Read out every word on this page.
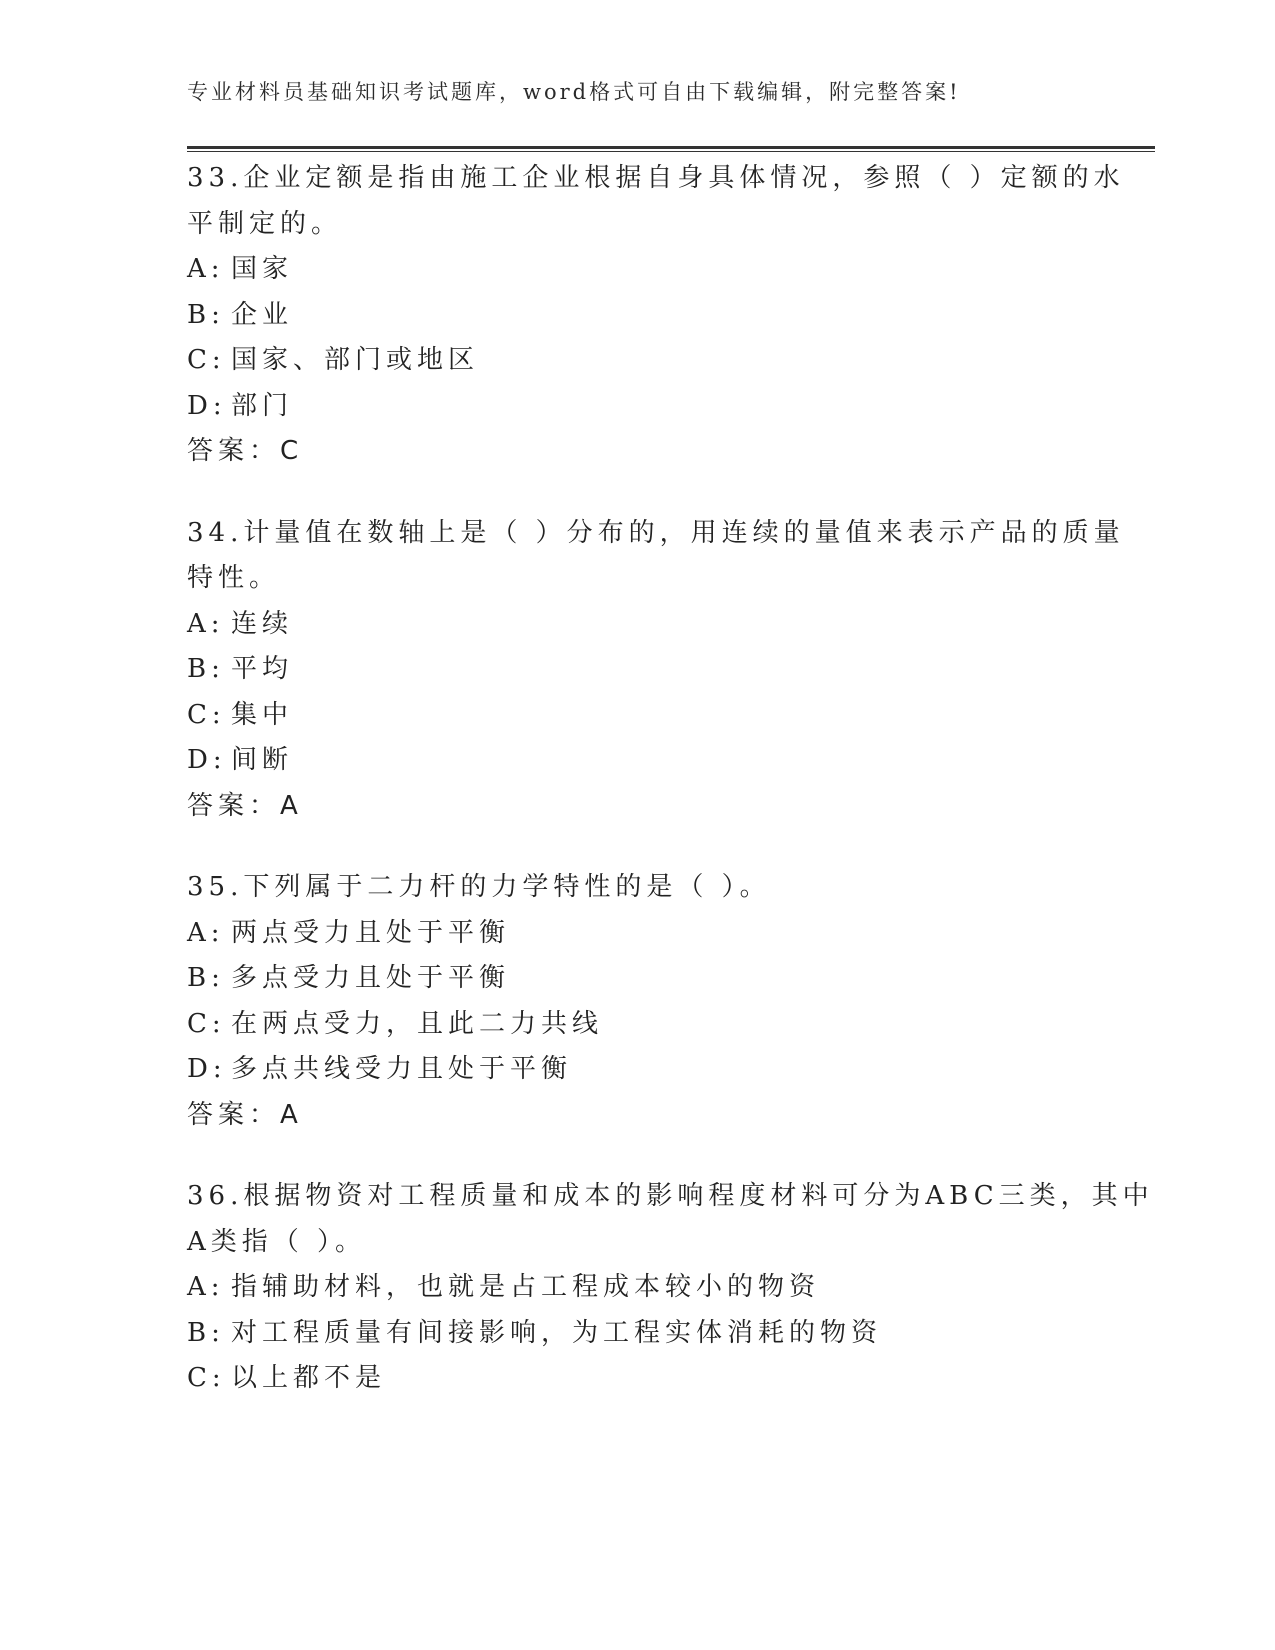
专业材料员基础知识考试题库，word格式可自由下载编辑，附完整答案!
33.企业定额是指由施工企业根据自身具体情况，参照（ ）定额的水
平制定的。
A: 国家
B: 企业
C: 国家、部门或地区
D: 部门
答案：C
34.计量值在数轴上是（ ）分布的，用连续的量值来表示产品的质量
特性。
A: 连续
B: 平均
C: 集中
D: 间断
答案：A
35.下列属于二力杆的力学特性的是（ ）。
A: 两点受力且处于平衡
B: 多点受力且处于平衡
C: 在两点受力，且此二力共线
D: 多点共线受力且处于平衡
答案：A
36.根据物资对工程质量和成本的影响程度材料可分为ABC三类，其中
A类指（ ）。
A: 指辅助材料，也就是占工程成本较小的物资
B: 对工程质量有间接影响，为工程实体消耗的物资
C: 以上都不是
